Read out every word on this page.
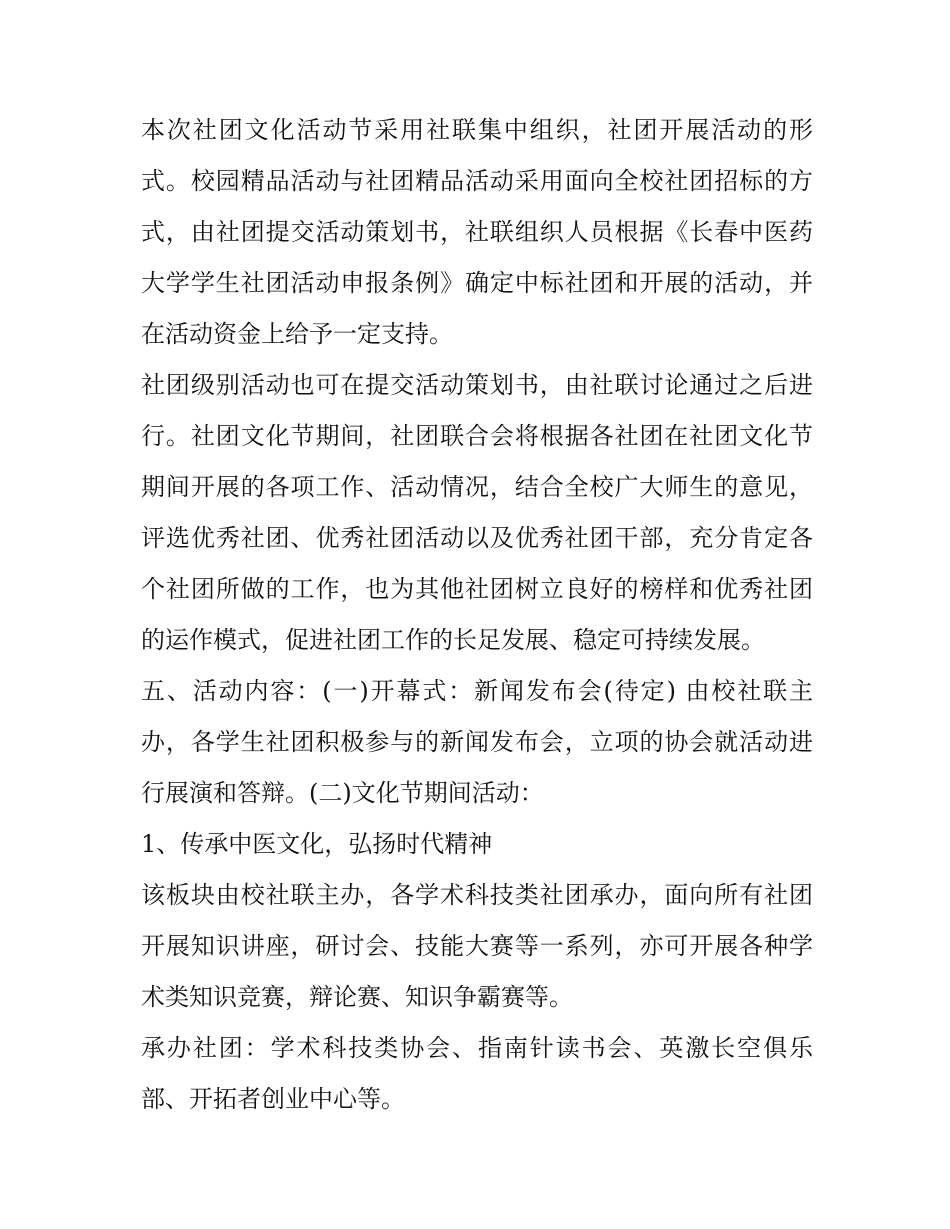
本次社团文化活动节采用社联集中组织，社团开展活动的形
式。校园精品活动与社团精品活动采用面向全校社团招标的方
式，由社团提交活动策划书，社联组织人员根据《长春中医药
大学学生社团活动申报条例》确定中标社团和开展的活动，并
在活动资金上给予一定支持。

社团级别活动也可在提交活动策划书，由社联讨论通过之后进
行。社团文化节期间，社团联合会将根据各社团在社团文化节
期间开展的各项工作、活动情况，结合全校广大师生的意见，
评选优秀社团、优秀社团活动以及优秀社团干部，充分肯定各
个社团所做的工作，也为其他社团树立良好的榜样和优秀社团
的运作模式，促进社团工作的长足发展、稳定可持续发展。

五、活动内容：(一)开幕式：新闻发布会(待定) 由校社联主
办，各学生社团积极参与的新闻发布会，立项的协会就活动进
行展演和答辩。(二)文化节期间活动：

1、传承中医文化，弘扬时代精神

该板块由校社联主办，各学术科技类社团承办，面向所有社团
开展知识讲座，研讨会、技能大赛等一系列，亦可开展各种学
术类知识竞赛，辩论赛、知识争霸赛等。

承办社团：学术科技类协会、指南针读书会、英激长空俱乐
部、开拓者创业中心等。
